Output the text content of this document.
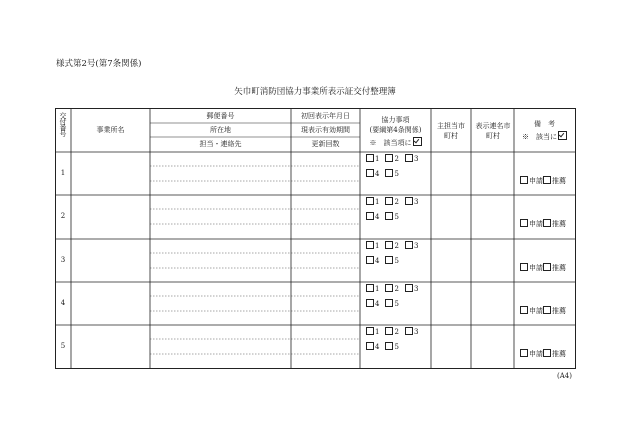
様式第2号(第7条関係)
矢巾町消防団協力事業所表示証交付整理簿
交付番号	事業所名
郵便番号
所在地
担当・連絡先
初回表示年月日
現表示有効期間
更新回数
協力事項
(要綱第4条関係)
※　該当項に
主担当市町村
表示連名市町村
備　考
※　該当に
1
1 2 3
4 5
申請 推薦
2
1 2 3
4 5
申請 推薦
3
1 2 3
4 5
申請 推薦
4
1 2 3
4 5
申請 推薦
5
1 2 3
4 5
申請 推薦
(A4)
